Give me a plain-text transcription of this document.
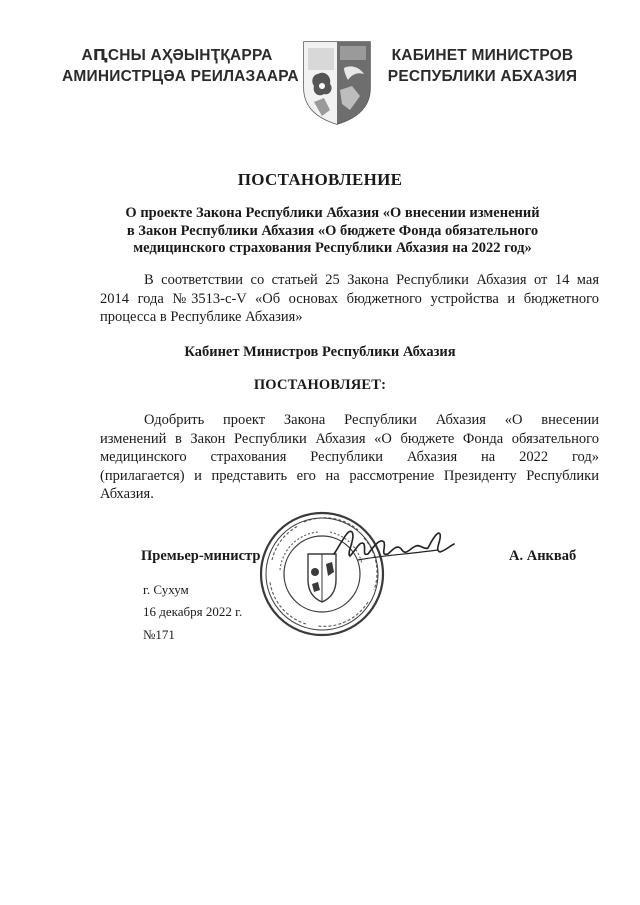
АԤСНЫ АҲӘЫНҬҚАРРА
АМИНИСТРЦӘА РЕИЛАЗААРА
КАБИНЕТ МИНИСТРОВ
РЕСПУБЛИКИ АБХАЗИЯ
ПОСТАНОВЛЕНИЕ
О проекте Закона Республики Абхазия «О внесении изменений
в Закон Республики Абхазия «О бюджете Фонда обязательного
медицинского страхования Республики Абхазия на 2022 год»
В соответствии со статьей 25 Закона Республики Абхазия от 14 мая
2014 года №3513-с-V «Об основах бюджетного устройства и бюджетного
процесса в Республике Абхазия»
Кабинет Министров Республики Абхазия
ПОСТАНОВЛЯЕТ:
Одобрить проект Закона Республики Абхазия «О внесении
изменений в Закон Республики Абхазия «О бюджете Фонда обязательного
медицинского страхования Республики Абхазия на 2022 год»
(прилагается) и представить его на рассмотрение Президенту Республики
Абхазия.
Премьер-министр	А. Анкваб
г. Сухум
16 декабря 2022 г.
№171
